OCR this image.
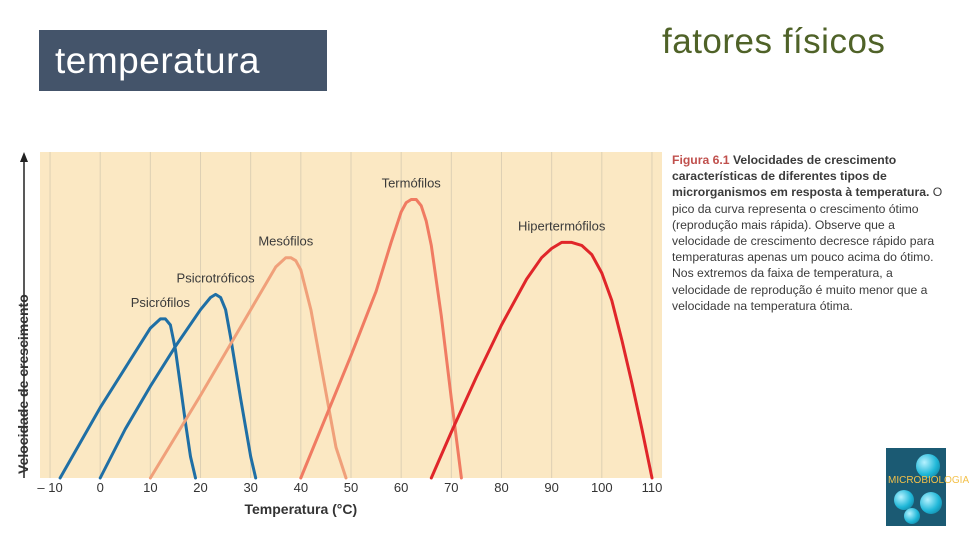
temperatura	fatores físicos
Psicrófilos
Psicrotróficos
Mesófilos
Termófilos
Hipertermófilos
– 10	0	10	20	30	40	50	60	70	80	90 100 110
Temperatura (°C)
Velocidade de crescimento
Figura 6.1 Velocidades de crescimento características de diferentes tipos de microrganismos em resposta à temperatura. O pico da curva representa o crescimento ótimo (reprodução mais rápida). Observe que a velocidade de crescimento decresce rápido para temperaturas apenas um pouco acima do ótimo. Nos extremos da faixa de temperatura, a velocidade de reprodução é muito menor que a velocidade na temperatura ótima.
MICROBIOLOGIA
